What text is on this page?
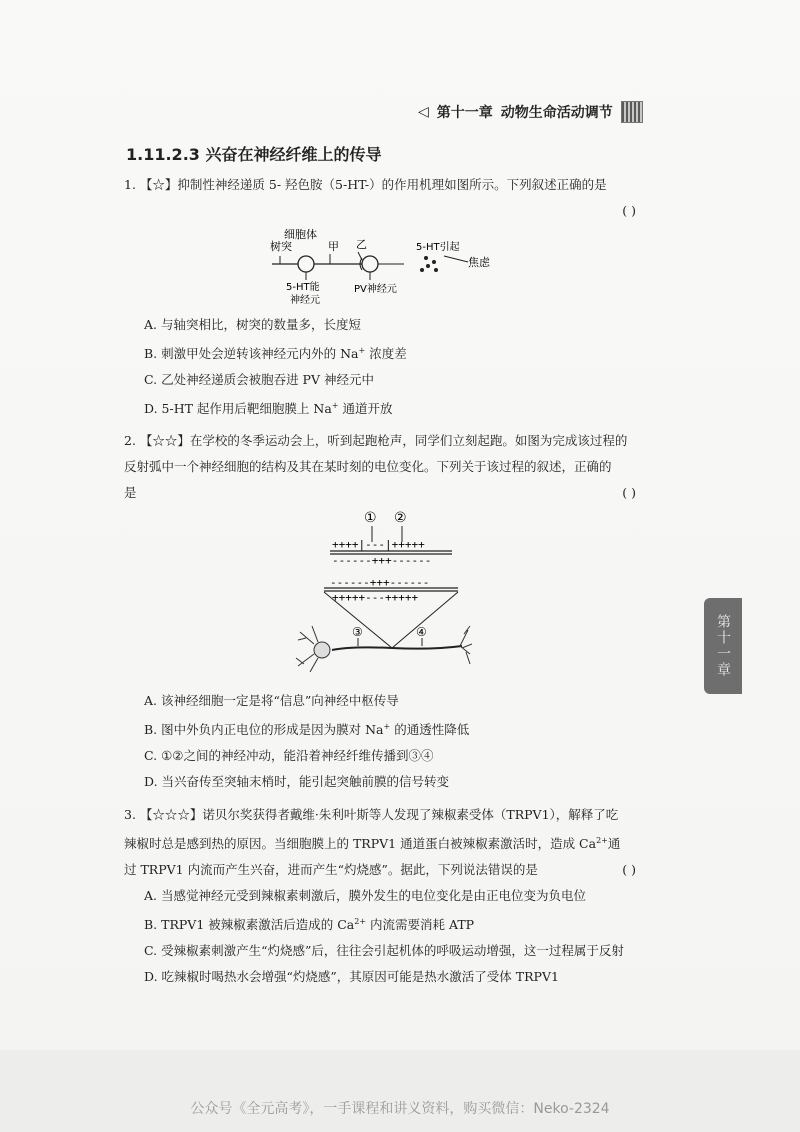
◁ 第十一章 动物生命活动调节
1.11.2.3 兴奋在神经纤维上的传导

1. 【☆】抑制性神经递质 5- 羟色胺（5-HT-）的作用机理如图所示。下列叙述正确的是

( )

细胞体
树突	甲 乙	5-HT引起
焦虑
5-HT能
神经元
PV神经元

A. 与轴突相比，树突的数量多，长度短

B. 刺激甲处会逆转该神经元内外的 Na+ 浓度差

C. 乙处神经递质会被胞吞进 PV 神经元中

D. 5-HT 起作用后靶细胞膜上 Na+ 通道开放

2. 【☆☆】在学校的冬季运动会上，听到起跑枪声，同学们立刻起跑。如图为完成该过程的

反射弧中一个神经细胞的结构及其在某时刻的电位变化。下列关于该过程的叙述，正确的

是	( )

① ②
++++|---|+++++
------+++------
------+++------
+++++---+++++
③	④

A. 该神经细胞一定是将“信息”向神经中枢传导

B. 图中外负内正电位的形成是因为膜对 Na+ 的通透性降低

C. ①②之间的神经冲动，能沿着神经纤维传播到③④

D. 当兴奋传至突轴末梢时，能引起突触前膜的信号转变

3. 【☆☆☆】诺贝尔奖获得者戴维·朱利叶斯等人发现了辣椒素受体（TRPV1），解释了吃

辣椒时总是感到热的原因。当细胞膜上的 TRPV1 通道蛋白被辣椒素激活时，造成 $Ca^{2+}$通

过 TRPV1 内流而产生兴奋，进而产生“灼烧感”。据此，下列说法错误的是	( )

A. 当感觉神经元受到辣椒素刺激后，膜外发生的电位变化是由正电位变为负电位

B. TRPV1 被辣椒素激活后造成的 $Ca^{2+}$ 内流需要消耗 ATP

C. 受辣椒素刺激产生“灼烧感”后，往往会引起机体的呼吸运动增强，这一过程属于反射

D. 吃辣椒时喝热水会增强“灼烧感”，其原因可能是热水激活了受体 TRPV1

第十一章
公众号《全元高考》，一手课程和讲义资料，购买微信：Neko-2324
